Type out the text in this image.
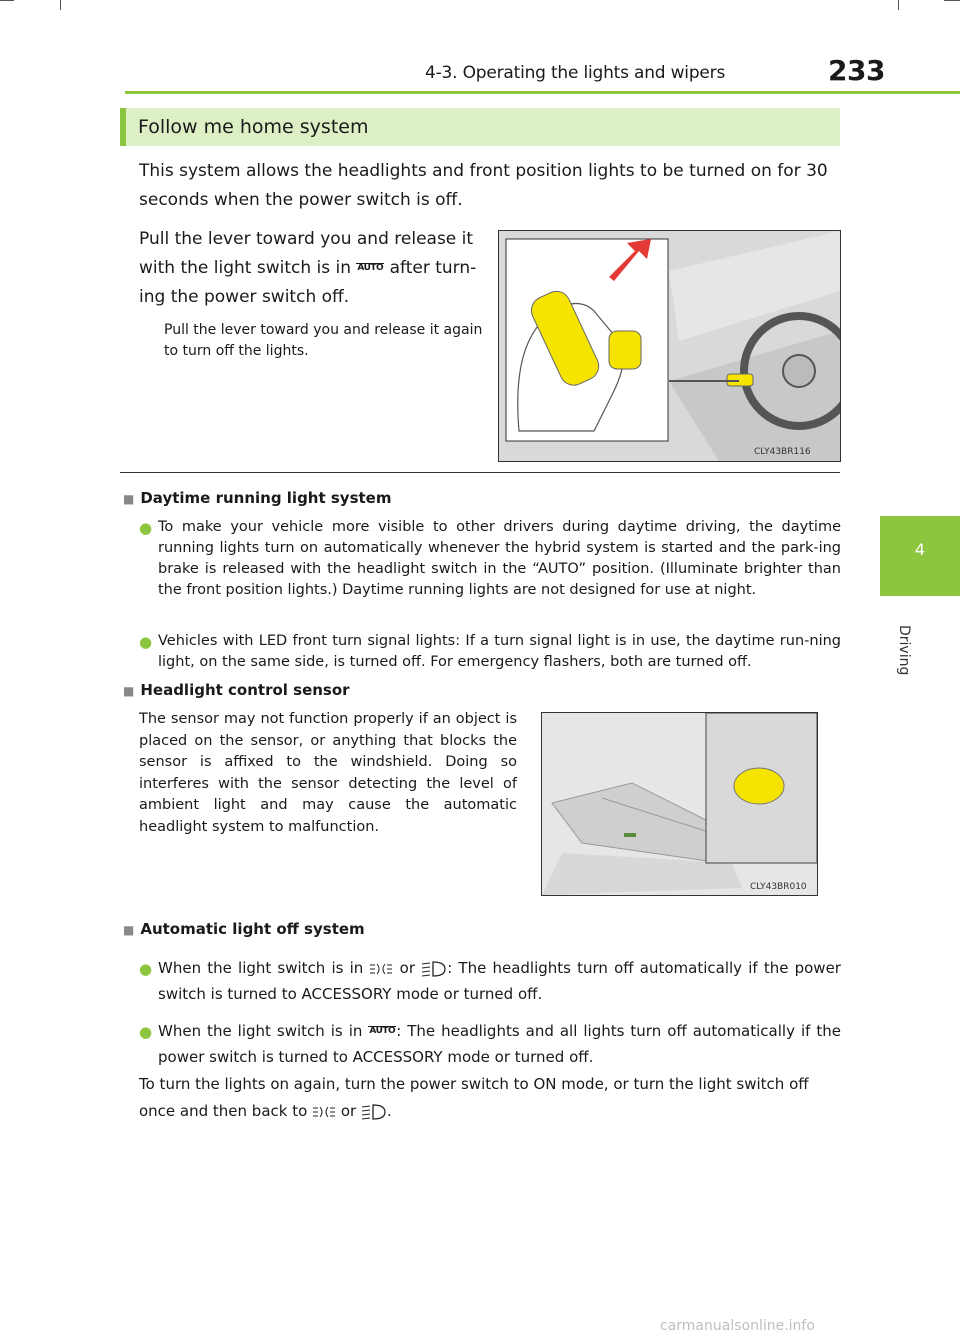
4-3. Operating the lights and wipers	233
4
Driving
Follow me home system
This system allows the headlights and front position lights to be turned on for 30 seconds when the power switch is off.
Pull the lever toward you and release it with the light switch is in AUTO after turn-ing the power switch off.
Pull the lever toward you and release it again to turn off the lights.
CLY43BR116
■ Daytime running light system
● To make your vehicle more visible to other drivers during daytime driving, the daytime running lights turn on automatically whenever the hybrid system is started and the park-ing brake is released with the headlight switch in the “AUTO” position. (Illuminate brighter than the front position lights.) Daytime running lights are not designed for use at night.
● Vehicles with LED front turn signal lights: If a turn signal light is in use, the daytime run-ning light, on the same side, is turned off. For emergency flashers, both are turned off.
■ Headlight control sensor
The sensor may not function properly if an object is placed on the sensor, or anything that blocks the sensor is affixed to the windshield. Doing so interferes with the sensor detecting the level of ambient light and may cause the automatic headlight system to malfunction.
CLY43BR010
■ Automatic light off system
● When the light switch is in or : The headlights turn off automatically if the power switch is turned to ACCESSORY mode or turned off.
● When the light switch is in AUTO: The headlights and all lights turn off automatically if the power switch is turned to ACCESSORY mode or turned off.
To turn the lights on again, turn the power switch to ON mode, or turn the light switch off once and then back to or .
carmanualsonline.info
